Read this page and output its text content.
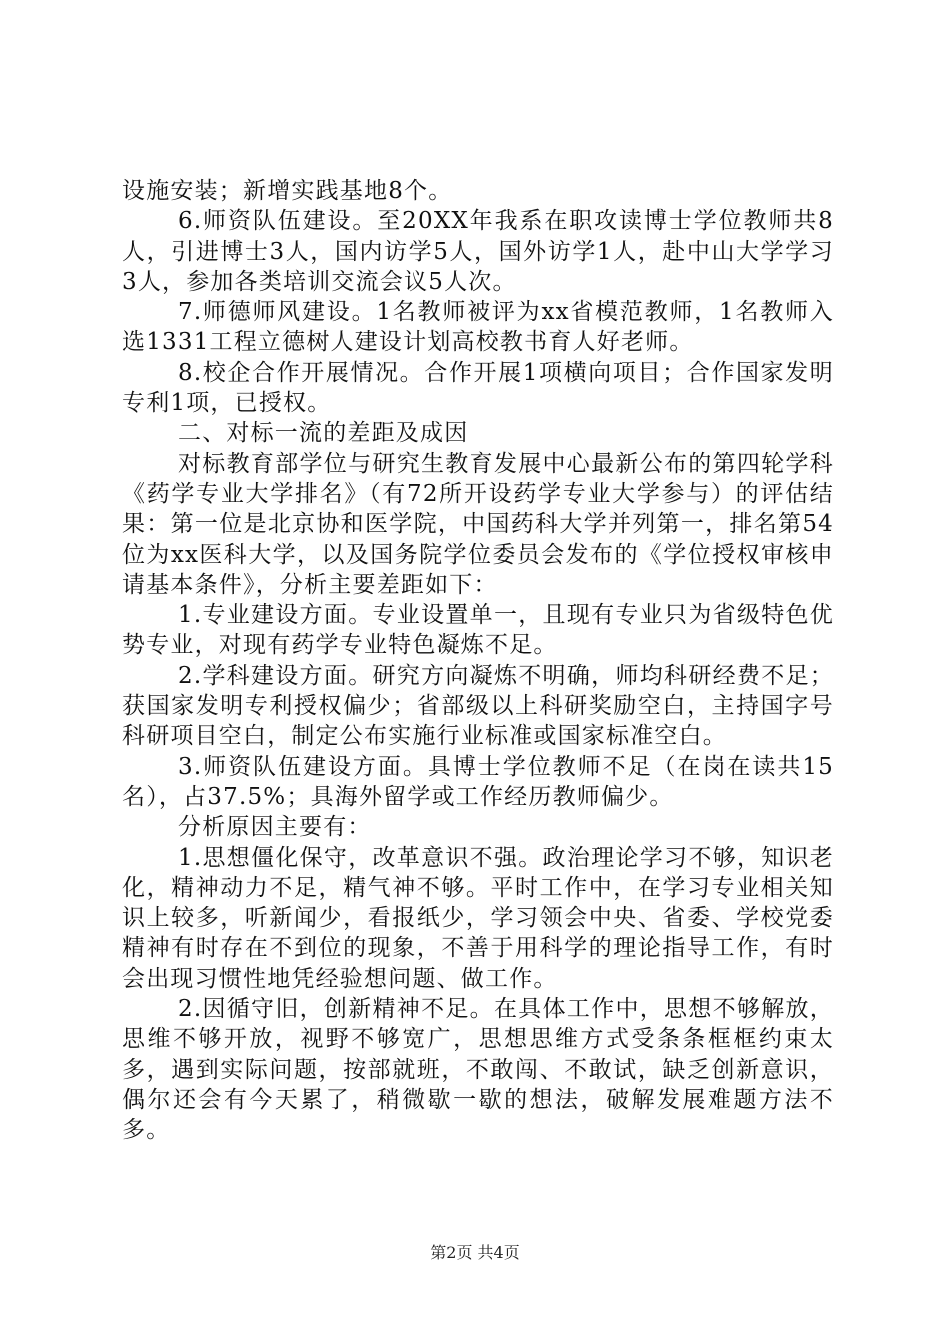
设施安装；新增实践基地8个。

6.师资队伍建设。至20XX年我系在职攻读博士学位教师共8人，引进博士3人，国内访学5人，国外访学1人，赴中山大学学习3人，参加各类培训交流会议5人次。

7.师德师风建设。1名教师被评为xx省模范教师，1名教师入选1331工程立德树人建设计划高校教书育人好老师。

8.校企合作开展情况。合作开展1项横向项目；合作国家发明专利1项，已授权。

二、对标一流的差距及成因

对标教育部学位与研究生教育发展中心最新公布的第四轮学科《药学专业大学排名》（有72所开设药学专业大学参与）的评估结果：第一位是北京协和医学院，中国药科大学并列第一，排名第54位为xx医科大学，以及国务院学位委员会发布的《学位授权审核申请基本条件》，分析主要差距如下：

1.专业建设方面。专业设置单一，且现有专业只为省级特色优势专业，对现有药学专业特色凝炼不足。

2.学科建设方面。研究方向凝炼不明确，师均科研经费不足；获国家发明专利授权偏少；省部级以上科研奖励空白，主持国字号科研项目空白，制定公布实施行业标准或国家标准空白。

3.师资队伍建设方面。具博士学位教师不足（在岗在读共15名），占37.5%；具海外留学或工作经历教师偏少。

分析原因主要有：

1.思想僵化保守，改革意识不强。政治理论学习不够，知识老化，精神动力不足，精气神不够。平时工作中，在学习专业相关知识上较多，听新闻少，看报纸少，学习领会中央、省委、学校党委精神有时存在不到位的现象，不善于用科学的理论指导工作，有时会出现习惯性地凭经验想问题、做工作。

2.因循守旧，创新精神不足。在具体工作中，思想不够解放，思维不够开放，视野不够宽广，思想思维方式受条条框框约束太多，遇到实际问题，按部就班，不敢闯、不敢试，缺乏创新意识，偶尔还会有今天累了，稍微歇一歇的想法，破解发展难题方法不多。

第2页 共4页
